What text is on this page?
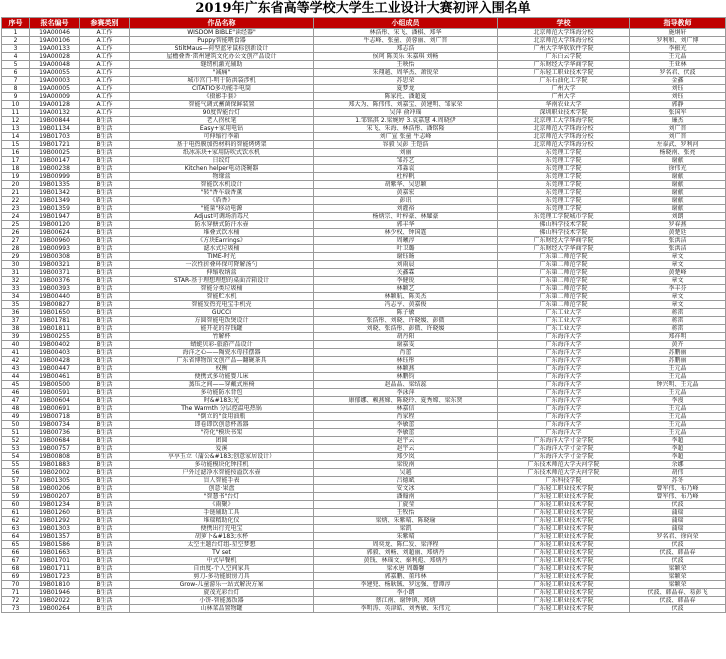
2019年广东省高等学校大学生工业设计大赛初评入围名单
序号	报名编号	参赛类别	作品名称	小组成员	学校	指导教师
1	19A00046	A工作	WISDOM BIBLE"读经器"	林浩彤、宋飞、潘棋、郑华	北京师范大学珠海分校	施炯轩
2	19A00106	A工作	Puppy智能喂食器	牛志峰、张童、黄蓉丽、刘广晋	北京师范大学珠海分校	罗利和、刘广博
3	19A00133	A工作	StiltMaus—荷型蓝牙鼠标创新设计	郑志浩	广州大学华软软件学院	李振光
4	19A00028	A工作	屋檐叠香·雷州建筑文化办公文创产品设计	侯珂 陈美乐 朱嘉琪 刘畅	广东白云学院	王元晶
5	19A00048	A工作	缝纫机激光辅助	王映怡	广东财经大学华商学院	王亚林
6	19A00055	A工作	"减痛"	朱翔越、周华杰、萧锐荣	广东轻工职业技术学院	罗名君、伏波
7	19A00003	A工作	城市宫门-明于防洪袋涉机	苏思荣	广东石油化工学院	金鑫
8	19A00005	A工作	CITATIO多功能手电筒	夏梦龙	广州大学	刘钰
9	19A00009	A工作	《摄影手套》	陈家托、潘超夏	广州大学	刘钰
10	19A00128	A工作	智能气调式蓄菌保鲜装置	郑大为、陈伟伟、刘嘉宝、黄建明、邹家荣	华南农业大学	郭静
11	19A00132	A工作	90度智能台灯	吴萍 俞冲瑶	深圳职业技术学院	张国军
12	19B00844	B生活	老人拐杖笔	1.邹铭淇 2.梁婉婷 3.袁嘉慧 4.周晓伊	北京理工大学珠海学院	廉杰
13	19B01134	B生活	Easy+家用电钻	宋飞、朱海、林浩彤、潘铭隆	北京师范大学珠海分校	刘广晋
14	19B01703	B生活	可伸缩行李箱	刘广宣 张童 牛志峰	北京师范大学珠海分校	刘广晋
15	19B01721	B生活	基于电热膜加热材料的智能烤烤架	容毅 吴彭 王铠浩	北京师范大学珠海分校	左泰武、罗利河
16	19B00025	B生活	纸冰冻块+家用防吹式饮水机	刘丽	东莞理工学院	杨晓南、张亮
17	19B00147	B生活	日纹灯	邹苏艺	东莞理工学院	谢献
18	19B00238	B生活	Kitchen helper电动浇碗器	邓淼袁	东莞理工学院	徐伟光
19	19B00999	B生活	物缘盒	杜梓帆	东莞理工学院	谢献
20	19B01335	B生活	智能饮水机设计	胡紫华、吴思颖	东莞理工学院	谢献
21	19B01342	B生活	"转"香车载香薰	黄嘉宏	东莞理工学院	谢献
22	19B01349	B生活	《盾香》	彭讯	东莞理工学院	谢献
23	19B01359	B生活	"能量"移动电源	刘灌裕	东莞理工学院	谢献
24	19B01947	B生活	Adjust可调场消毒尺	杨炳宗、叶梓豪、林耀豪	东莞理工学院城市学院	刘朗
25	19B00120	B生活	防水穿搪式防汗水壶	郭丰华	佛山科学技术学院	罗春燕
26	19B00624	B生活	堆叠式饮水桶	林少权、钟国霆	佛山科学技术学院	黄楚廷
27	19B00960	B生活	《方块Earrings》	周曦淳	广东财经大学华商学院	张洪洁
28	19B00993	B生活	滤水式垃圾桶	叶卫璐	广东财经大学华商学院	张洪洁
29	19B00308	B生活	TIME-时光	谢钰旸	广东第二师范学院	章文
30	19B00321	B生活	一次性折叠环保可降解汤勺	刘雨晨	广东第二师范学院	章文
31	19B00371	B生活	伸缩收纳盒	关鑫霖	广东第二师范学院	黄楚峰
32	19B00376	B生活	STAR-基于理想理想的桌面音箱设计	李健锐	广东第二师范学院	章文
33	19B00393	B生活	智能分类垃圾桶	林颖艺	广东第二师范学院	李丰芬
34	19B00440	B生活	智能贮水机	林颖航、陈美杰	广东第二师范学院	章文
35	19B00827	B生活	智能发热充电宝手机壳	冯志亨、黄嘉俊	广东第二师范学院	章文
36	19B01650	B生活	GUCCI	陈子敏	广东工业大学	蒋雷
37	19B01781	B生活	方圆智能电饭煲设计	张浩彤、刘晓、许晓媛、彭微	广东工业大学	蒋雷
38	19B01811	B生活	能开花的存钱罐	刘晓、张浩彤、彭微、许晓媛	广东工业大学	蒋雷
39	19B00255	B生活	竹解杯	胡丹阳	广东海洋大学	郑祥明
40	19B00402	B生活	蜻蜓贝彩-旅游产品设计	谢嘉雯	广东海洋大学	黄卉
41	19B00403	B生活	海洋之心——陶瓷水母挂摆器	肖蕾	广东海洋大学	苏鹏丽
42	19B00428	B生活	广东省博物馆文创产品—翻碗茶具	林钰彤	广东海洋大学	苏鹏丽
43	19B00447	B生活	权衡	林颖燕	广东海洋大学	王元晶
44	19B00461	B生活	便携式多功能婴儿床	林鹏钧	广东海洋大学	王元晶
45	19B00500	B生活	蒸压之间——穿戴式座椅	赵晶晶、梁结蕊	广东海洋大学	钟兴明、王元晶
46	19B00591	B生活	多功能防水背包	李泳萍	广东海洋大学	王元晶
47	19B00604	B生活	时&#183;光	康郁娜、赖燕娣、陈晓玲、夏秀嫦、梁东贤	广东海洋大学	李漫
48	19B00691	B生活	The Warmth 分层控温电热锅	林嘉信	广东海洋大学	王元晶
49	19B00718	B生活	"倒立的"食用油瓶	肖家程	广东海洋大学	王元晶
50	19B00734	B生活	即卷即饮创意杯盖器	李敏蕾	广东海洋大学	王元晶
51	19B00736	B生活	"符化"模块书架	李敏蕾	广东海洋大学	王元晶
52	19B00684	B生活	团圆	赵宇云	广东海洋大学寸金学院	李超
53	19B00757	B生活	爱溪	赵宇云	广东海洋大学寸金学院	李超
54	19B00808	B生活	享享玉立（蒲公&#183;创意家居设计）	郑少岚	广东海洋大学寸金学院	李超
55	19B01883	B生活	多功能模块化钟挂机	梁锐南	广东技术师范大学天河学院	余娜
56	19B02002	B生活	户外过滤净水智能按溢饮水壶	吴越	广东技术师范大学天河学院	胡伟
57	19B01305	B生活	盲人智能手表	吕德斌	广东科技学院	苏冬
58	19B00206	B生活	创意·果盘	安文冰	广东轻工职业技术学院	曾军伟、布乃峰
59	19B00207	B生活	"智慧书"台灯	潘翰南	广东轻工职业技术学院	曾军伟、布乃峰
60	19B01234	B生活	《雨聚》	丁旋莹	广东轻工职业技术学院	伏波
61	19B01260	B生活	手链辅助工具	王牧怡	广东轻工职业技术学院	蒲瑞
62	19B01292	B生活	堆瑞精助化仪	梁炳、朱紫晴、陈晓瑜	广东轻工职业技术学院	蒲瑞
63	19B01303	B生活	便携出行充电宝	梁凯	广东轻工职业技术学院	蒲瑞
64	19B01357	B生活	胡萝卜&#183;水杯	朱紫晴	广东轻工职业技术学院	罗名君、徐向荣
65	19B01586	B生活	太空主题台灯组-星空梦想	周奕龙、陈仁发、梁泽程	广东轻工职业技术学院	伏波
66	19B01663	B生活	TV set	郭毅、刘畅、刘超丽、郑炳丹	广东轻工职业技术学院	伏波、韩晶春
67	19B01701	B生活	中式早餐机	黄钱、林瑶文、秦利彪、郑炳丹	广东轻工职业技术学院	伏波
68	19B01711	B生活	自由度-个人空间家具	梁永唐 周璐馨	广东轻工职业技术学院	梁颖荣
69	19B01723	B生活	剪刀-多功能厨房刀具	郭嘉鹏、董玮林	广东轻工职业技术学院	梁颖荣
70	19B01810	B生活	Grow-儿童游乐一站式解决方案	李建兜、杨耿铖、罗远强、曹谭淳	广东轻工职业技术学院	梁颖荣
71	19B01946	B生活	旋茂光彩台灯	李小朗	广东轻工职业技术学院	伏波、韩晶春、易彭飞
72	19B02022	B生活	小饼-智能蒸饭器	蔡江南、谢钟镇、郑炳	广东轻工职业技术学院	伏波、韩晶春
73	19B00264	B生活	山林菜品置物罐	李明涛、英津皓、刘秀敏、朱伟元	广东轻工职业技术学院	伏波
